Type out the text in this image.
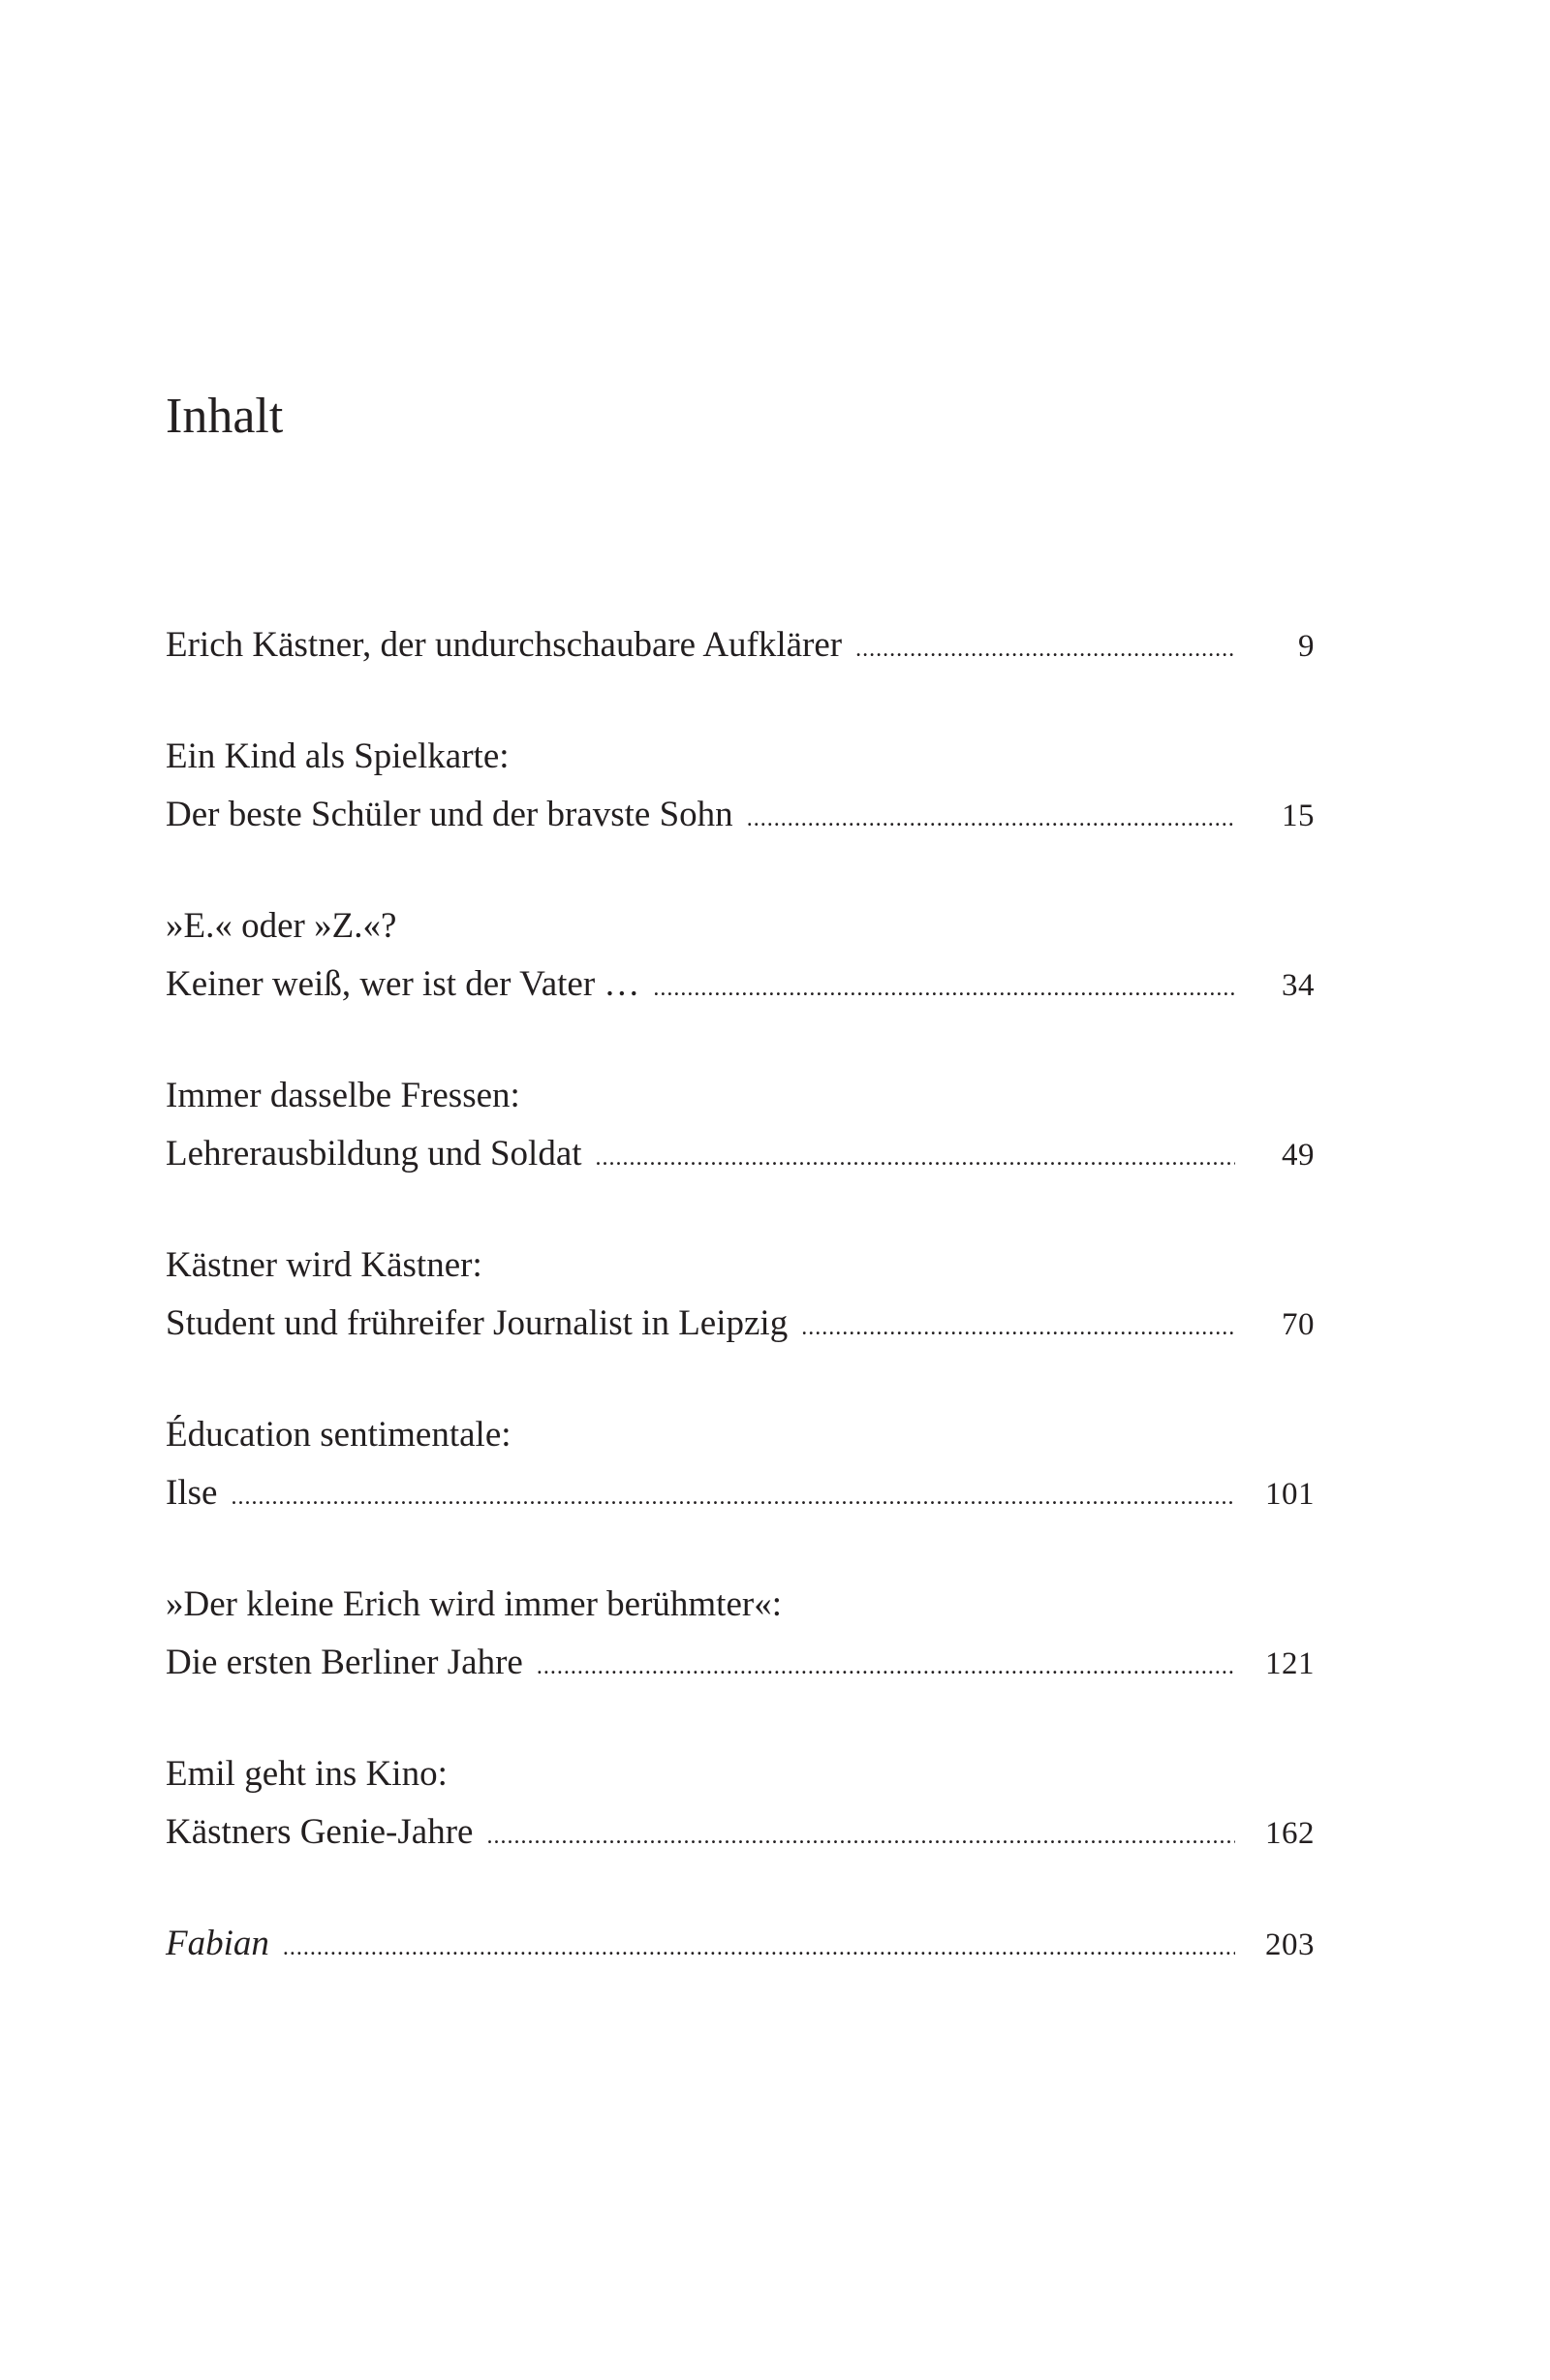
Inhalt
Erich Kästner, der undurchschaubare Aufklärer .....	9
Ein Kind als Spielkarte:
Der beste Schüler und der bravste Sohn .....	15
»E.« oder »Z.«?
Keiner weiß, wer ist der Vater … .....	34
Immer dasselbe Fressen:
Lehrerausbildung und Soldat .....	49
Kästner wird Kästner:
Student und frühreifer Journalist in Leipzig .....	70
Éducation sentimentale:
Ilse .....	101
»Der kleine Erich wird immer berühmter«:
Die ersten Berliner Jahre .....	121
Emil geht ins Kino:
Kästners Genie-Jahre .....	162
Fabian .....	203
